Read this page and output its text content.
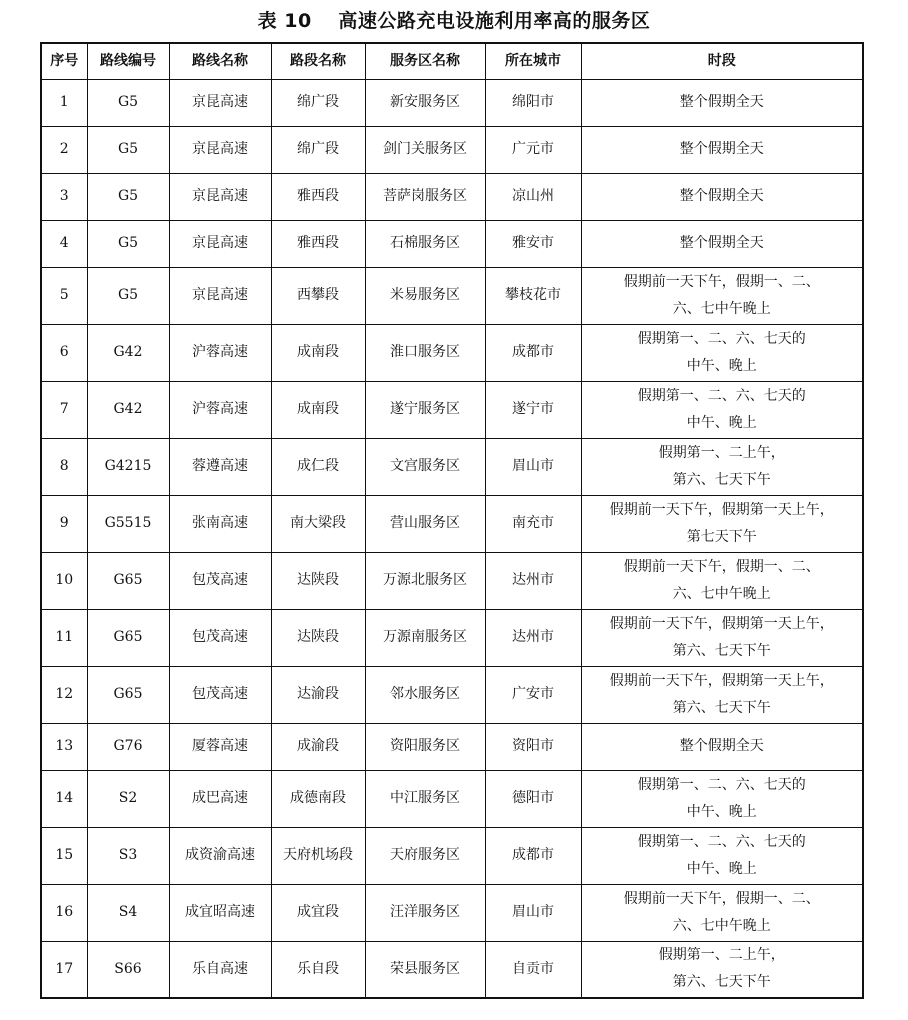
表 10　 高速公路充电设施利用率高的服务区
序号	路线编号	路线名称	路段名称	服务区名称	所在城市	时段
1	G5	京昆高速	绵广段	新安服务区	绵阳市	整个假期全天

2	G5	京昆高速	绵广段	剑门关服务区	广元市	整个假期全天

3	G5	京昆高速	雅西段	菩萨岗服务区	凉山州	整个假期全天

4	G5	京昆高速	雅西段	石棉服务区	雅安市	整个假期全天

5	G5	京昆高速	西攀段	米易服务区	攀枝花市	假期前一天下午，假期一、二、
六、七中午晚上

6	G42	沪蓉高速	成南段	淮口服务区	成都市	假期第一、二、六、七天的
中午、晚上

7	G42	沪蓉高速	成南段	遂宁服务区	遂宁市	假期第一、二、六、七天的
中午、晚上

8	G4215	蓉遵高速	成仁段	文宫服务区	眉山市	假期第一、二上午，
第六、七天下午

9	G5515	张南高速	南大梁段	营山服务区	南充市	假期前一天下午，假期第一天上午，
第七天下午

10	G65	包茂高速	达陕段	万源北服务区	达州市	假期前一天下午，假期一、二、
六、七中午晚上

11	G65	包茂高速	达陕段	万源南服务区	达州市	假期前一天下午，假期第一天上午，
第六、七天下午

12	G65	包茂高速	达渝段	邻水服务区	广安市	假期前一天下午，假期第一天上午，
第六、七天下午

13	G76	厦蓉高速	成渝段	资阳服务区	资阳市	整个假期全天

14	S2	成巴高速	成德南段	中江服务区	德阳市	假期第一、二、六、七天的
中午、晚上

15	S3	成资渝高速	天府机场段	天府服务区	成都市	假期第一、二、六、七天的
中午、晚上

16	S4	成宜昭高速	成宜段	汪洋服务区	眉山市	假期前一天下午，假期一、二、
六、七中午晚上

17	S66	乐自高速	乐自段	荣县服务区	自贡市	假期第一、二上午，
第六、七天下午
